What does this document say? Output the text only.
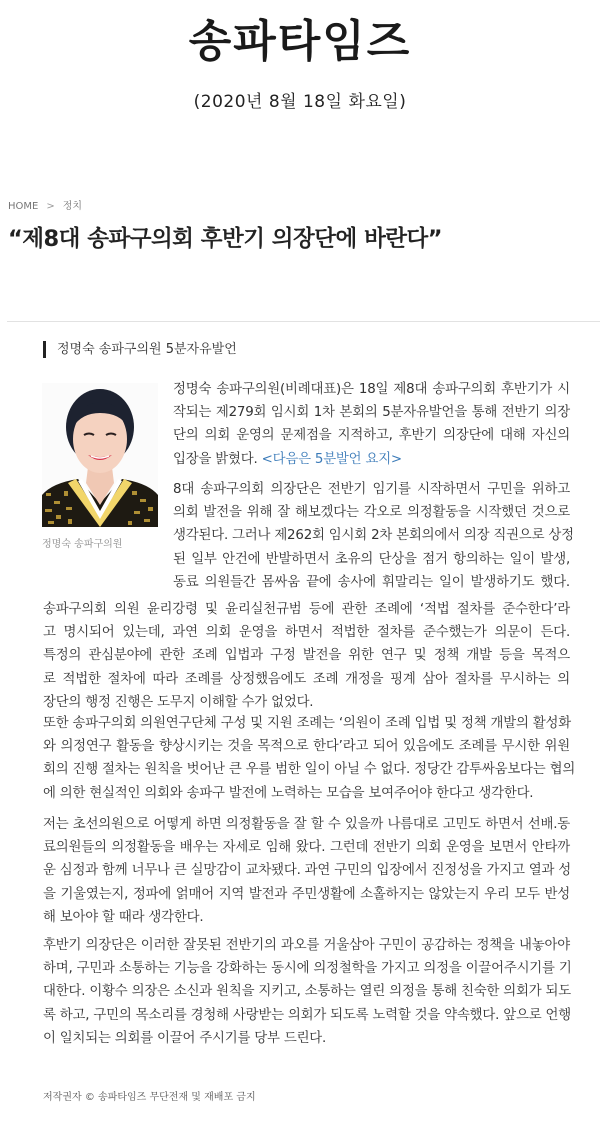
송파타임즈
(2020년 8월 18일 화요일)
HOME > 정치
“제8대 송파구의회 후반기 의장단에 바란다”
정명숙 송파구의원 5분자유발언
정명숙 송파구의원

정명숙 송파구의원(비례대표)은 18일 제8대 송파구의회 후반기가 시
작되는 제279회 임시회 1차 본회의 5분자유발언을 통해 전반기 의장
단의 의회 운영의 문제점을 지적하고, 후반기 의장단에 대해 자신의
입장을 밝혔다. <다음은 5분발언 요지>

8대 송파구의회 의장단은 전반기 임기를 시작하면서 구민을 위하고
의회 발전을 위해 잘 해보겠다는 각오로 의정활동을 시작했던 것으로
생각된다. 그러나 제262회 임시회 2차 본회의에서 의장 직권으로 상정
된 일부 안건에 반발하면서 초유의 단상을 점거 항의하는 일이 발생,
동료 의원들간 몸싸움 끝에 송사에 휘말리는 일이 발생하기도 했다.

송파구의회 의원 윤리강령 및 윤리실천규범 등에 관한 조례에 ‘적법 절차를 준수한다’라
고 명시되어 있는데, 과연 의회 운영을 하면서 적법한 절차를 준수했는가 의문이 든다.
특정의 관심분야에 관한 조례 입법과 구정 발전을 위한 연구 및 정책 개발 등을 목적으
로 적법한 절차에 따라 조례를 상정했음에도 조례 개정을 핑계 삼아 절차를 무시하는 의
장단의 행정 진행은 도무지 이해할 수가 없었다.

또한 송파구의회 의원연구단체 구성 및 지원 조례는 ‘의원이 조례 입법 및 정책 개발의 활성화
와 의정연구 활동을 향상시키는 것을 목적으로 한다’라고 되어 있음에도 조례를 무시한 위원
회의 진행 절차는 원칙을 벗어난 큰 우를 범한 일이 아닐 수 없다. 정당간 감투싸움보다는 협의
에 의한 현실적인 의회와 송파구 발전에 노력하는 모습을 보여주어야 한다고 생각한다.

저는 초선의원으로 어떻게 하면 의정활동을 잘 할 수 있을까 나름대로 고민도 하면서 선배.동
료의원들의 의정활동을 배우는 자세로 임해 왔다. 그런데 전반기 의회 운영을 보면서 안타까
운 심정과 함께 너무나 큰 실망감이 교차됐다. 과연 구민의 입장에서 진정성을 가지고 열과 성
을 기울였는지, 정파에 얽매어 지역 발전과 주민생활에 소홀하지는 않았는지 우리 모두 반성
해 보아야 할 때라 생각한다.

후반기 의장단은 이러한 잘못된 전반기의 과오를 거울삼아 구민이 공감하는 정책을 내놓아야
하며, 구민과 소통하는 기능을 강화하는 동시에 의정철학을 가지고 의정을 이끌어주시기를 기
대한다. 이황수 의장은 소신과 원칙을 지키고, 소통하는 열린 의정을 통해 친숙한 의회가 되도
록 하고, 구민의 목소리를 경청해 사랑받는 의회가 되도록 노력할 것을 약속했다. 앞으로 언행
이 일치되는 의회를 이끌어 주시기를 당부 드린다.

저작권자 © 송파타임즈 무단전재 및 재배포 금지
